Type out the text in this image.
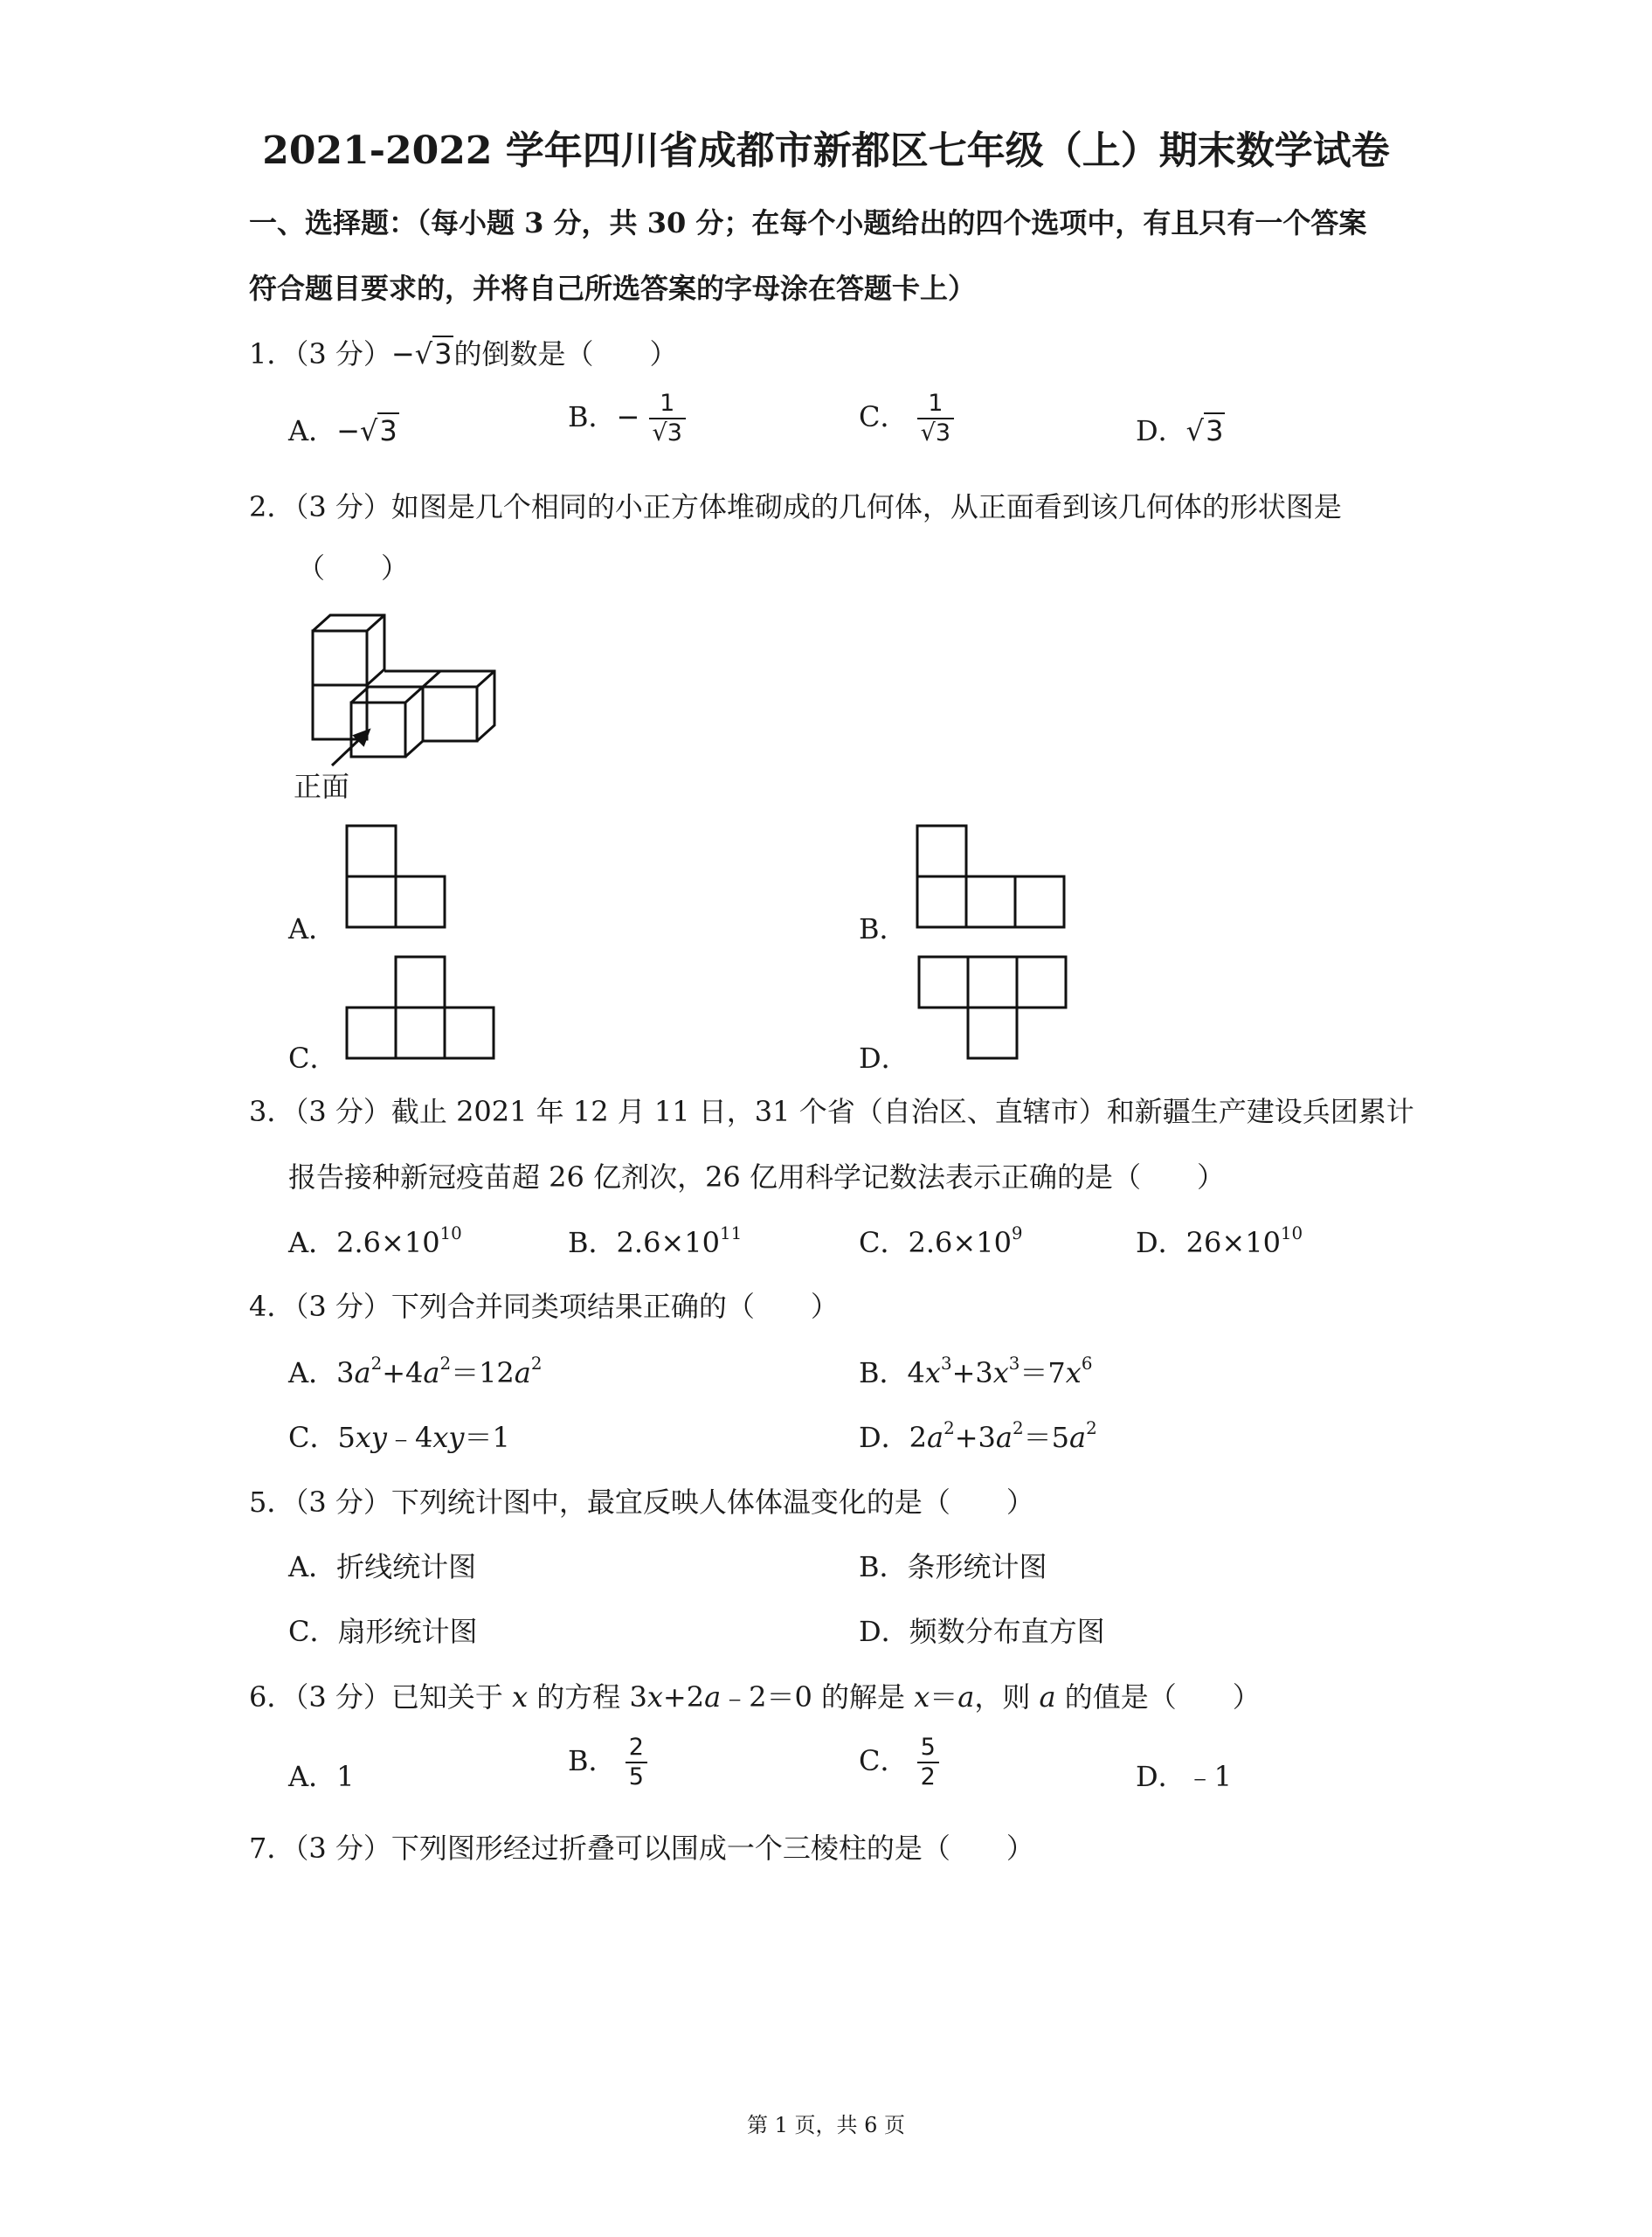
2021-2022 学年四川省成都市新都区七年级（上）期末数学试卷
一、选择题：（每小题 3 分，共 30 分；在每个小题给出的四个选项中，有且只有一个答案
符合题目要求的，并将自己所选答案的字母涂在答题卡上）
1．（3 分）−√3的倒数是（　　）
A．−√3	B．− $\frac{1}{√3}$	C． $\frac{1}{√3}$	D．√3
2．（3 分）如图是几个相同的小正方体堆砌成的几何体，从正面看到该几何体的形状图是
（　　）
正面
A．	B．
C．	D．
3．（3 分）截止 2021 年 12 月 11 日，31 个省（自治区、直辖市）和新疆生产建设兵团累计
报告接种新冠疫苗超 26 亿剂次，26 亿用科学记数法表示正确的是（　　）
A．$2.6\times 10^{10}$	B．$2.6\times 10^{11}$	C．$2.6\times 10^9$	D．$26\times 10^{10}$
4．（3 分）下列合并同类项结果正确的（　　）
A．$3a^2+4a^2=12a^2$	B．$4x^3+3x^3=7x^6$
C．5xy﹣4xy＝1	D．$2a^2+3a^2=5a^2$
5．（3 分）下列统计图中，最宜反映人体体温变化的是（　　）
A．折线统计图	B．条形统计图
C．扇形统计图	D．频数分布直方图
6．（3 分）已知关于 x 的方程 3x+2a﹣2＝0 的解是 x＝a，则 a 的值是（　　）
A．1	B． $\frac{2}{5}$	C． $\frac{5}{2}$	D．﹣1
7．（3 分）下列图形经过折叠可以围成一个三棱柱的是（　　）
第 1 页，共 6 页
